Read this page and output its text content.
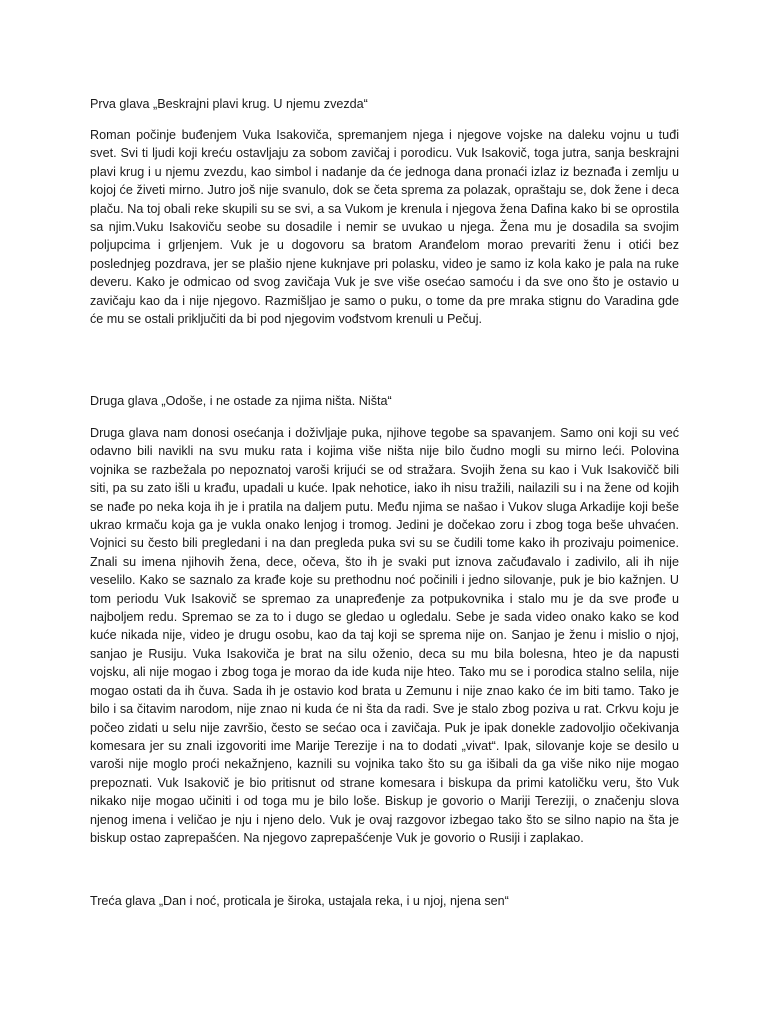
Prva glava „Beskrajni plavi krug. U njemu zvezda“

Roman počinje buđenjem Vuka Isakoviča, spremanjem njega i njegove vojske na daleku vojnu u tuđi svet. Svi ti ljudi koji kreću ostavljaju za sobom zavičaj i porodicu. Vuk Isakovič, toga jutra, sanja beskrajni plavi krug i u njemu zvezdu, kao simbol i nadanje da će jednoga dana pronaći izlaz iz beznađa i zemlju u kojoj će živeti mirno. Jutro još nije svanulo, dok se četa sprema za polazak, opraštaju se, dok žene i deca plaču. Na toj obali reke skupili su se svi, a sa Vukom je krenula i njegova žena Dafina kako bi se oprostila sa njim.Vuku Isakoviču seobe su dosadile i nemir se uvukao u njega. Žena mu je dosadila sa svojim poljupcima i grljenjem. Vuk je u dogovoru sa bratom Aranđelom morao prevariti ženu i otići bez poslednjeg pozdrava, jer se plašio njene kuknjave pri polasku, video je samo iz kola kako je pala na ruke deveru. Kako je odmicao od svog zavičaja Vuk je sve više osećao samoću i da sve ono što je ostavio u zavičaju kao da i nije njegovo. Razmišljao je samo o puku, o tome da pre mraka stignu do Varadina gde će mu se ostali priključiti da bi pod njegovim vođstvom krenuli u Pečuj.

Druga glava „Odoše, i ne ostade za njima ništa. Ništa“

Druga glava nam donosi osećanja i doživljaje puka, njihove tegobe sa spavanjem. Samo oni koji su već odavno bili navikli na svu muku rata i kojima više ništa nije bilo čudno mogli su mirno leći. Polovina vojnika se razbežala po nepoznatoj varoši krijući se od stražara. Svojih žena su kao i Vuk Isakovičč bili siti, pa su zato išli u krađu, upadali u kuće. Ipak nehotice, iako ih nisu tražili, nailazili su i na žene od kojih se nađe po neka koja ih je i pratila na daljem putu. Među njima se našao i Vukov sluga Arkadije koji beše ukrao krmaču koja ga je vukla onako lenjog i tromog. Jedini je dočekao zoru i zbog toga beše uhvaćen. Vojnici su često bili pregledani i na dan pregleda puka svi su se čudili tome kako ih prozivaju poimenice. Znali su imena njihovih žena, dece, očeva, što ih je svaki put iznova začuđavalo i zadivilo, ali ih nije veselilo. Kako se saznalo za krađe koje su prethodnu noć počinili i jedno silovanje, puk je bio kažnjen. U tom periodu Vuk Isakovič se spremao za unapređenje za potpukovnika i stalo mu je da sve prođe u najboljem redu. Spremao se za to i dugo se gledao u ogledalu. Sebe je sada video onako kako se kod kuće nikada nije, video je drugu osobu, kao da taj koji se sprema nije on. Sanjao je ženu i mislio o njoj, sanjao je Rusiju. Vuka Isakoviča je brat na silu oženio, deca su mu bila bolesna, hteo je da napusti vojsku, ali nije mogao i zbog toga je morao da ide kuda nije hteo. Tako mu se i porodica stalno selila, nije mogao ostati da ih čuva. Sada ih je ostavio kod brata u Zemunu i nije znao kako će im biti tamo. Tako je bilo i sa čitavim narodom, nije znao ni kuda će ni šta da radi. Sve je stalo zbog poziva u rat. Crkvu koju je počeo zidati u selu nije završio, često se sećao oca i zavičaja. Puk je ipak donekle zadovoljio očekivanja komesara jer su znali izgovoriti ime Marije Terezije i na to dodati „vivat“. Ipak, silovanje koje se desilo u varoši nije moglo proći nekažnjeno, kaznili su vojnika tako što su ga išibali da ga više niko nije mogao prepoznati. Vuk Isakovič je bio pritisnut od strane komesara i biskupa da primi katoličku veru, što Vuk nikako nije mogao učiniti i od toga mu je bilo loše. Biskup je govorio o Mariji Tereziji, o značenju slova njenog imena i veličao je nju i njeno delo. Vuk je ovaj razgovor izbegao tako što se silno napio na šta je biskup ostao zaprepašćen. Na njegovo zaprepašćenje Vuk je govorio o Rusiji i zaplakao.

Treća glava „Dan i noć, proticala je široka, ustajala reka, i u njoj, njena sen“
